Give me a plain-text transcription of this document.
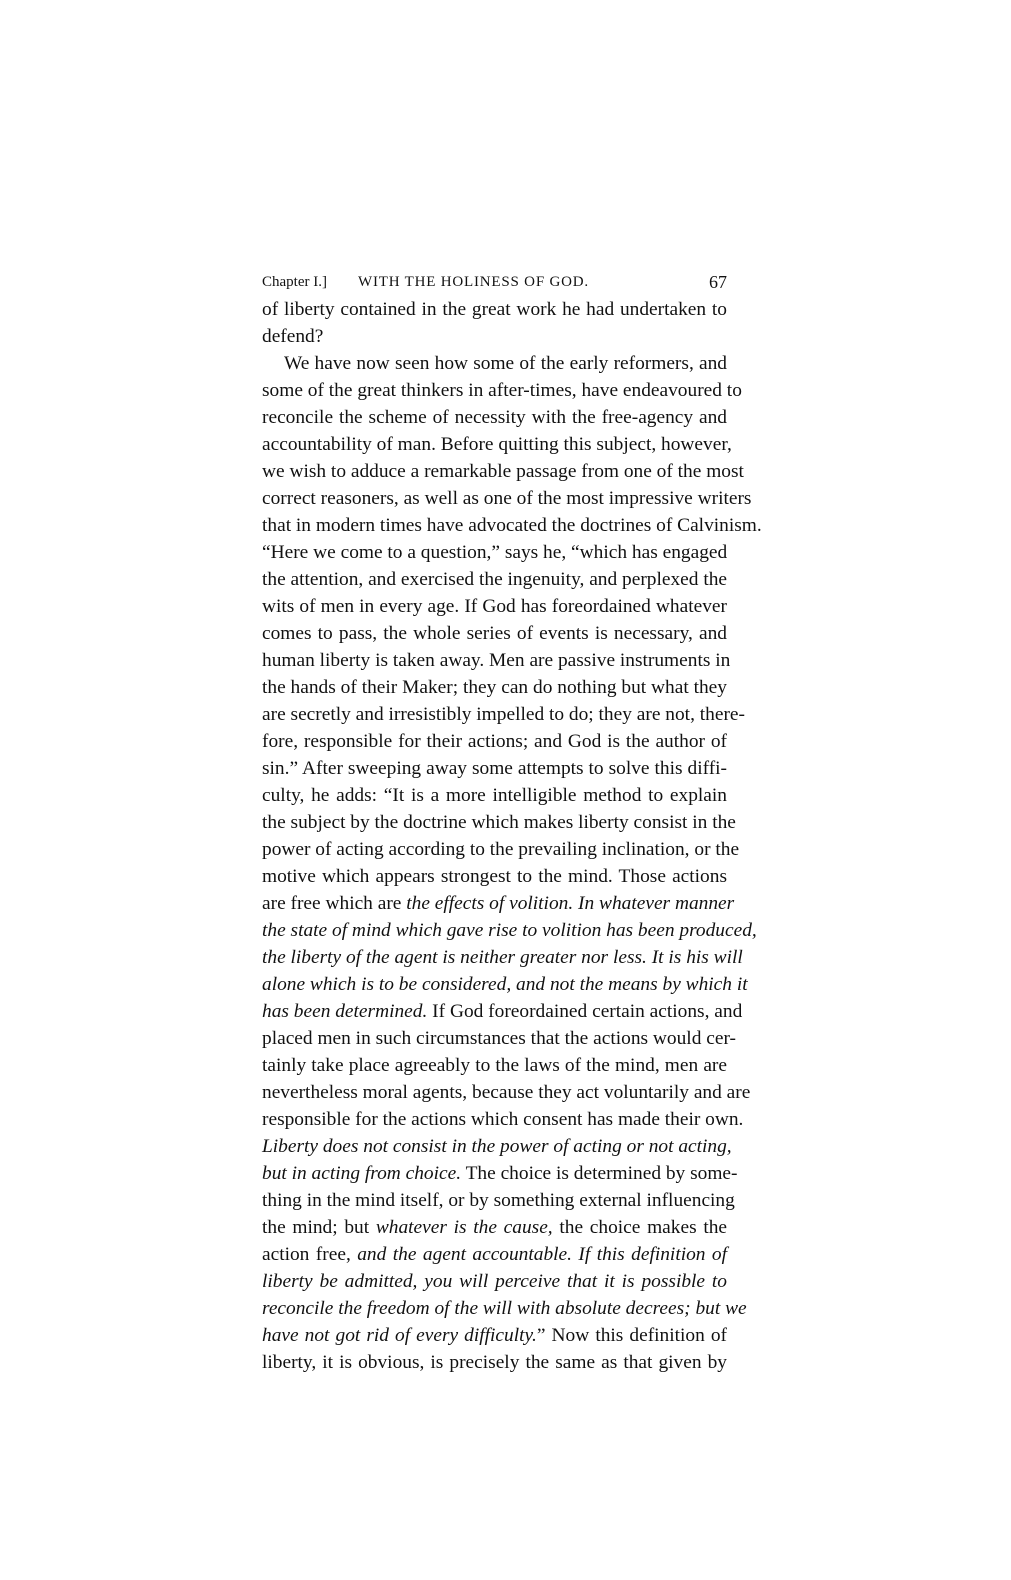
Chapter I.] WITH THE HOLINESS OF GOD.	67
of liberty contained in the great work he had undertaken to
defend?
We have now seen how some of the early reformers, and
some of the great thinkers in after-times, have endeavoured to
reconcile the scheme of necessity with the free-agency and
accountability of man. Before quitting this subject, however,
we wish to adduce a remarkable passage from one of the most
correct reasoners, as well as one of the most impressive writers
that in modern times have advocated the doctrines of Calvinism.
“Here we come to a question,” says he, “which has engaged
the attention, and exercised the ingenuity, and perplexed the
wits of men in every age. If God has foreordained whatever
comes to pass, the whole series of events is necessary, and
human liberty is taken away. Men are passive instruments in
the hands of their Maker; they can do nothing but what they
are secretly and irresistibly impelled to do; they are not, there-
fore, responsible for their actions; and God is the author of
sin.” After sweeping away some attempts to solve this diffi-
culty, he adds: “It is a more intelligible method to explain
the subject by the doctrine which makes liberty consist in the
power of acting according to the prevailing inclination, or the
motive which appears strongest to the mind. Those actions
are free which are the effects of volition. In whatever manner
the state of mind which gave rise to volition has been produced,
the liberty of the agent is neither greater nor less. It is his will
alone which is to be considered, and not the means by which it
has been determined. If God foreordained certain actions, and
placed men in such circumstances that the actions would cer-
tainly take place agreeably to the laws of the mind, men are
nevertheless moral agents, because they act voluntarily and are
responsible for the actions which consent has made their own.
Liberty does not consist in the power of acting or not acting,
but in acting from choice. The choice is determined by some-
thing in the mind itself, or by something external influencing
the mind; but whatever is the cause, the choice makes the
action free, and the agent accountable. If this definition of
liberty be admitted, you will perceive that it is possible to
reconcile the freedom of the will with absolute decrees; but we
have not got rid of every difficulty.” Now this definition of
liberty, it is obvious, is precisely the same as that given by
